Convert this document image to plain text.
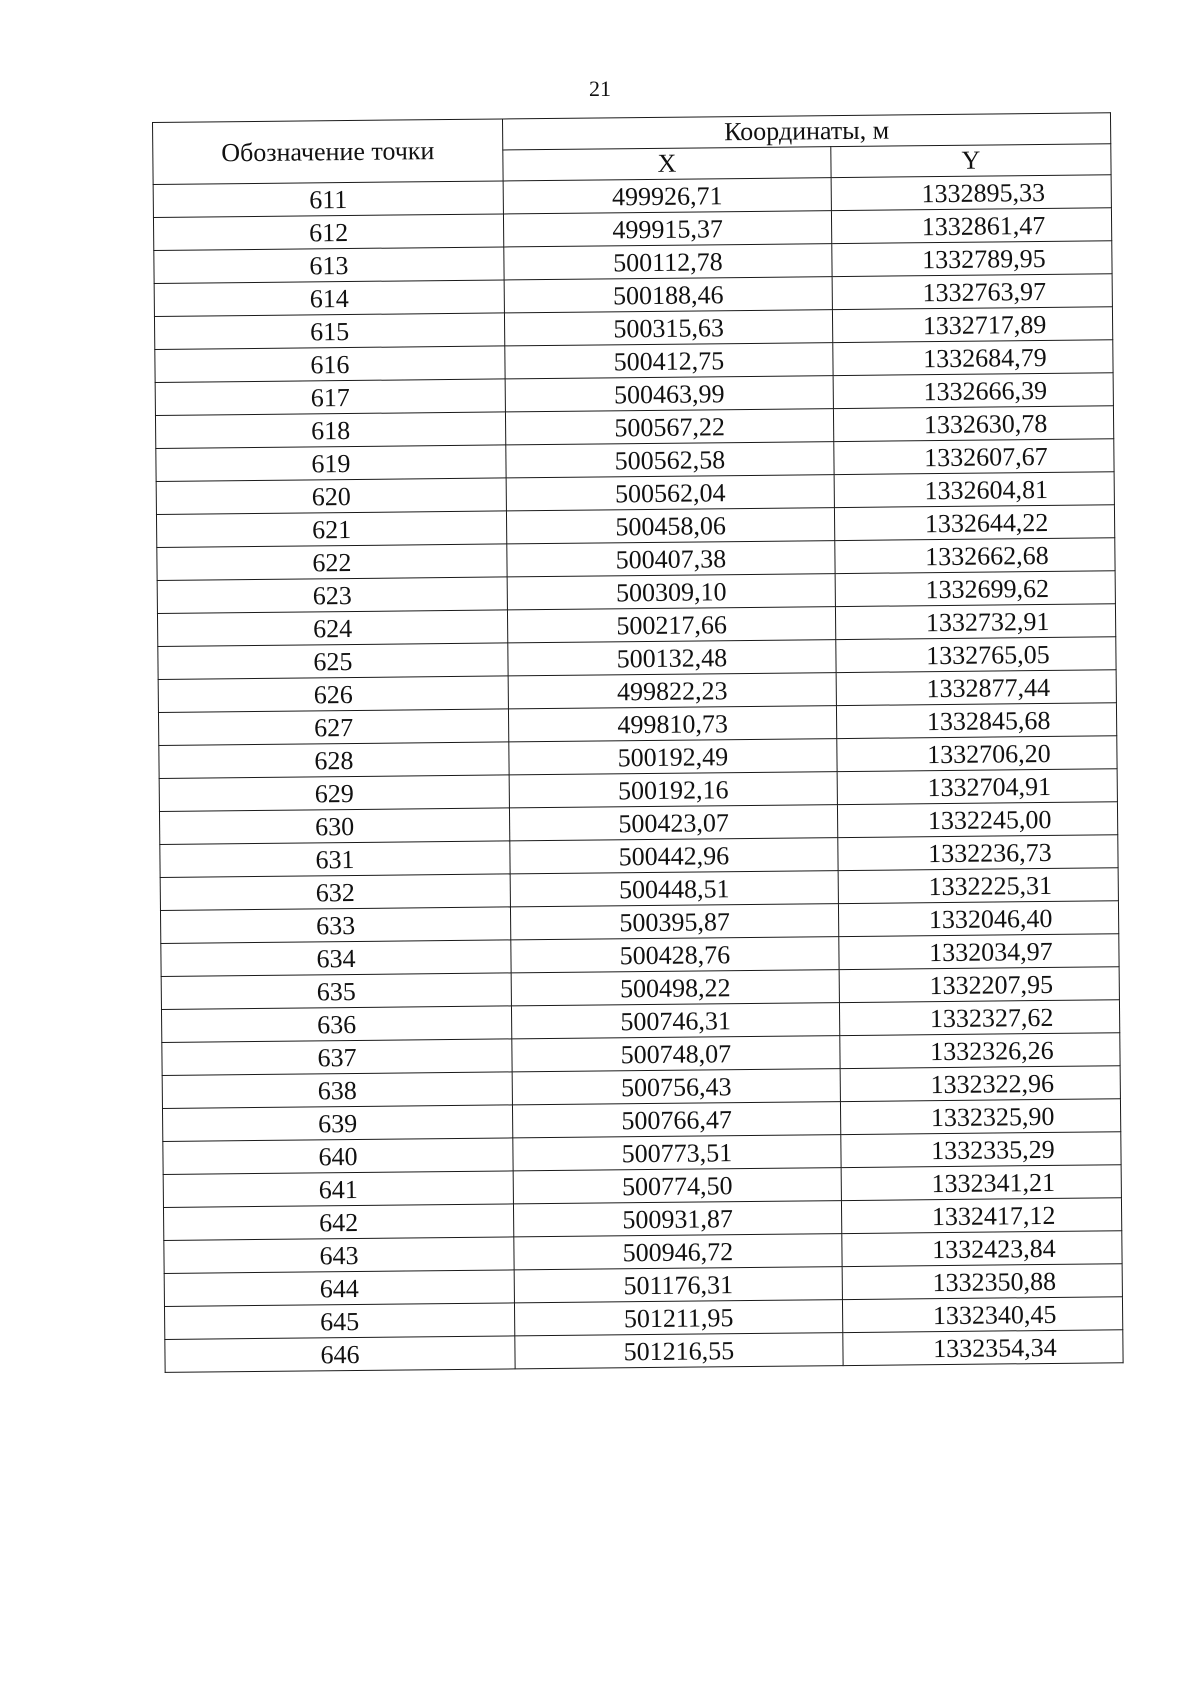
21
Обозначение точки	Координаты, м	
	X	Y
611	499926,71	1332895,33
612	499915,37	1332861,47
613	500112,78	1332789,95
614	500188,46	1332763,97
615	500315,63	1332717,89
616	500412,75	1332684,79
617	500463,99	1332666,39
618	500567,22	1332630,78
619	500562,58	1332607,67
620	500562,04	1332604,81
621	500458,06	1332644,22
622	500407,38	1332662,68
623	500309,10	1332699,62
624	500217,66	1332732,91
625	500132,48	1332765,05
626	499822,23	1332877,44
627	499810,73	1332845,68
628	500192,49	1332706,20
629	500192,16	1332704,91
630	500423,07	1332245,00
631	500442,96	1332236,73
632	500448,51	1332225,31
633	500395,87	1332046,40
634	500428,76	1332034,97
635	500498,22	1332207,95
636	500746,31	1332327,62
637	500748,07	1332326,26
638	500756,43	1332322,96
639	500766,47	1332325,90
640	500773,51	1332335,29
641	500774,50	1332341,21
642	500931,87	1332417,12
643	500946,72	1332423,84
644	501176,31	1332350,88
645	501211,95	1332340,45
646	501216,55	1332354,34
